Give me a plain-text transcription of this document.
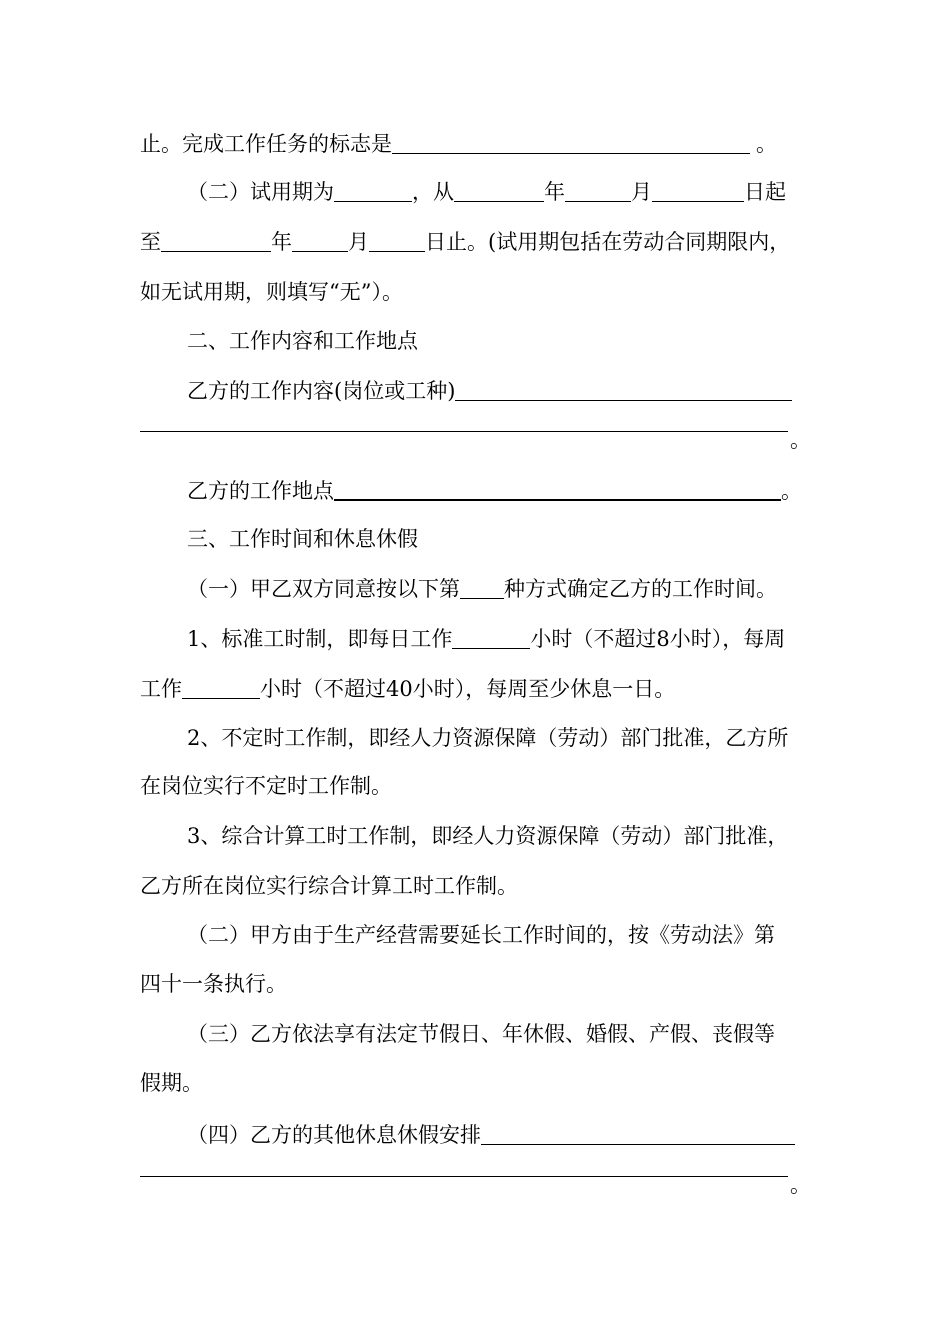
止。完成工作任务的标志是	。
（二）试用期为	，从	年	月	日起
至	年	月	日止。(试用期包括在劳动合同期限内，
如无试用期，则填写“无”）。
二、工作内容和工作地点
乙方的工作内容(岗位或工种)
。
乙方的工作地点	。
三、工作时间和休息休假
（一）甲乙双方同意按以下第 种方式确定乙方的工作时间。
1、标准工时制，即每日工作	小时（不超过8小时），每周
工作	小时（不超过40小时），每周至少休息一日。
2、不定时工作制，即经人力资源保障（劳动）部门批准，乙方所
在岗位实行不定时工作制。
3、综合计算工时工作制，即经人力资源保障（劳动）部门批准，
乙方所在岗位实行综合计算工时工作制。
（二）甲方由于生产经营需要延长工作时间的，按《劳动法》第
四十一条执行。
（三）乙方依法享有法定节假日、年休假、婚假、产假、丧假等
假期。
（四）乙方的其他休息休假安排
。
